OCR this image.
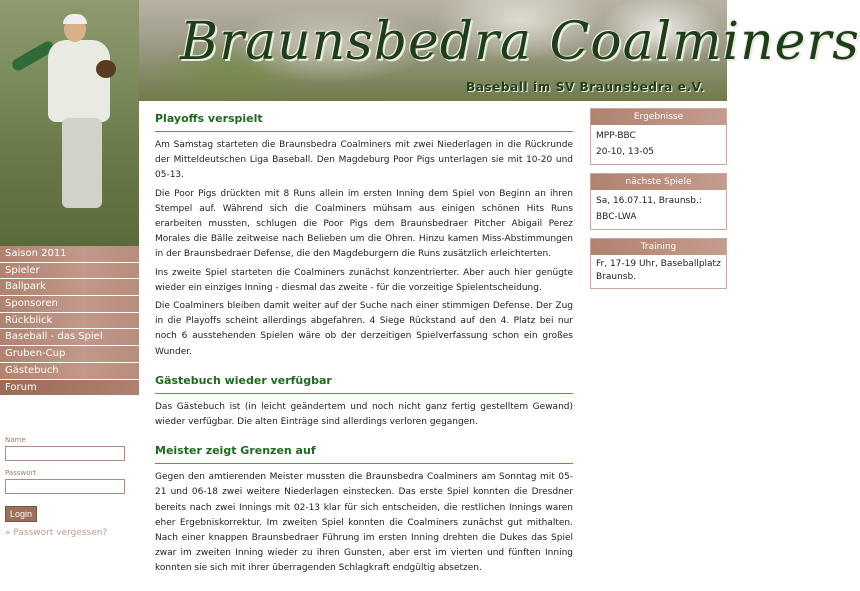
Braunsbedra Coalminers
Baseball im SV Braunsbedra e.V.
Saison 2011
Spieler
Ballpark
Sponsoren
Rückblick
Baseball - das Spiel
Gruben-Cup
Gästebuch
Forum
Name
Passwort
Login
» Passwort vergessen?
Playoffs verspielt

Am Samstag starteten die Braunsbedra Coalminers mit zwei Niederlagen in die Rückrunde der Mitteldeutschen Liga Baseball. Den Magdeburg Poor Pigs unterlagen sie mit 10-20 und 05-13.

Die Poor Pigs drückten mit 8 Runs allein im ersten Inning dem Spiel von Beginn an ihren Stempel auf. Während sich die Coalminers mühsam aus einigen schönen Hits Runs erarbeiten mussten, schlugen die Poor Pigs dem Braunsbedraer Pitcher Abigail Perez Morales die Bälle zeitweise nach Belieben um die Ohren. Hinzu kamen Miss-Abstimmungen in der Braunsbedraer Defense, die den Magdeburgern die Runs zusätzlich erleichterten.

Ins zweite Spiel starteten die Coalminers zunächst konzentrierter. Aber auch hier genügte wieder ein einziges Inning - diesmal das zweite - für die vorzeitige Spielentscheidung.

Die Coalminers bleiben damit weiter auf der Suche nach einer stimmigen Defense. Der Zug in die Playoffs scheint allerdings abgefahren. 4 Siege Rückstand auf den 4. Platz bei nur noch 6 ausstehenden Spielen wäre ob der derzeitigen Spielverfassung schon ein großes Wunder.

Gästebuch wieder verfügbar

Das Gästebuch ist (in leicht geändertem und noch nicht ganz fertig gestelltem Gewand) wieder verfügbar. Die alten Einträge sind allerdings verloren gegangen.

Meister zeigt Grenzen auf

Gegen den amtierenden Meister mussten die Braunsbedra Coalminers am Sonntag mit 05-21 und 06-18 zwei weitere Niederlagen einstecken. Das erste Spiel konnten die Dresdner bereits nach zwei Innings mit 02-13 klar für sich entscheiden, die restlichen Innings waren eher Ergebniskorrektur. Im zweiten Spiel konnten die Coalminers zunächst gut mithalten. Nach einer knappen Braunsbedraer Führung im ersten Inning drehten die Dukes das Spiel zwar im zweiten Inning wieder zu ihren Gunsten, aber erst im vierten und fünften Inning konnten sie sich mit ihrer überragenden Schlagkraft endgültig absetzen.

Ergebnisse
MPP-BBC
20-10, 13-05
nächste Spiele
Sa, 16.07.11, Braunsb.:
BBC-LWA
Training
Fr, 17-19 Uhr, Baseballplatz Braunsb.
